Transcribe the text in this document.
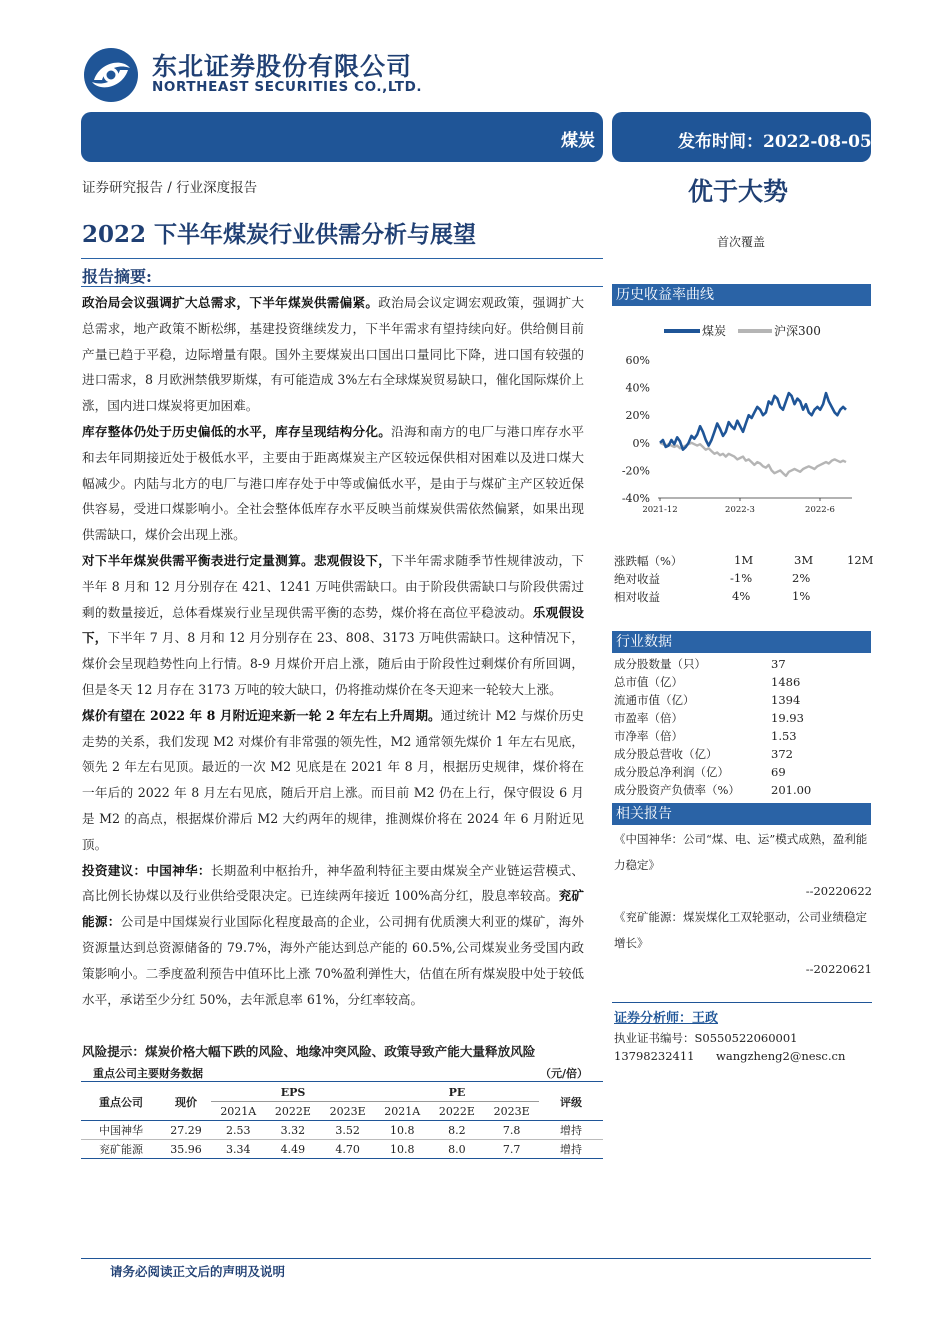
东北证券股份有限公司
NORTHEAST SECURITIES CO.,LTD.
煤炭	发布时间：2022-08-05
证券研究报告 / 行业深度报告
2022 下半年煤炭行业供需分析与展望
优于大势
首次覆盖
报告摘要:
政治局会议强调扩大总需求，下半年煤炭供需偏紧。政治局会议定调宏观政策，强调扩大总需求，地产政策不断松绑，基建投资继续发力，下半年需求有望持续向好。供给侧目前产量已趋于平稳，边际增量有限。国外主要煤炭出口国出口量同比下降，进口国有较强的进口需求，8 月欧洲禁俄罗斯煤，有可能造成 3%左右全球煤炭贸易缺口，催化国际煤价上涨，国内进口煤炭将更加困难。
库存整体仍处于历史偏低的水平，库存呈现结构分化。沿海和南方的电厂与港口库存水平和去年同期接近处于极低水平，主要由于距离煤炭主产区较远保供相对困难以及进口煤大幅减少。内陆与北方的电厂与港口库存处于中等或偏低水平，是由于与煤矿主产区较近保供容易，受进口煤影响小。全社会整体低库存水平反映当前煤炭供需依然偏紧，如果出现供需缺口，煤价会出现上涨。
对下半年煤炭供需平衡表进行定量测算。悲观假设下，下半年需求随季节性规律波动，下半年 8 月和 12 月分别存在 421、1241 万吨供需缺口。由于阶段供需缺口与阶段供需过剩的数量接近，总体看煤炭行业呈现供需平衡的态势，煤价将在高位平稳波动。乐观假设下，下半年 7 月、8 月和 12 月分别存在 23、808、3173 万吨供需缺口。这种情况下，煤价会呈现趋势性向上行情。8-9 月煤价开启上涨，随后由于阶段性过剩煤价有所回调，但是冬天 12 月存在 3173 万吨的较大缺口，仍将推动煤价在冬天迎来一轮较大上涨。
煤价有望在 2022 年 8 月附近迎来新一轮 2 年左右上升周期。通过统计 M2 与煤价历史走势的关系，我们发现 M2 对煤价有非常强的领先性，M2 通常领先煤价 1 年左右见底，领先 2 年左右见顶。最近的一次 M2 见底是在 2021 年 8 月，根据历史规律，煤价将在一年后的 2022 年 8 月左右见底，随后开启上涨。而目前 M2 仍在上行，保守假设 6 月是 M2 的高点，根据煤价滞后 M2 大约两年的规律，推测煤价将在 2024 年 6 月附近见顶。
投资建议：中国神华：长期盈利中枢抬升，神华盈利特征主要由煤炭全产业链运营模式、高比例长协煤以及行业供给受限决定。已连续两年接近 100%高分红，股息率较高。兖矿能源：公司是中国煤炭行业国际化程度最高的企业，公司拥有优质澳大利亚的煤矿，海外资源量达到总资源储备的 79.7%，海外产能达到总产能的 60.5%,公司煤炭业务受国内政策影响小。二季度盈利预告中值环比上涨 70%盈利弹性大，估值在所有煤炭股中处于较低水平，承诺至少分红 50%，去年派息率 61%，分红率较高。
风险提示：煤炭价格大幅下跌的风险、地缘冲突风险、政策导致产能大量释放风险
重点公司主要财务数据	（元/倍）
重点公司	现价	EPS			PE			评级
		2021A	2022E	2023E	2021A	2022E	2023E	
中国神华	27.29	2.53	3.32	3.52	10.8	8.2	7.8	增持
兖矿能源	35.96	3.34	4.49	4.70	10.8	8.0	7.7	增持
历史收益率曲线
煤炭	沪深300
60%
40%
20%
0%
-20%
-40%
2021-12	2022-3	2022-6
涨跌幅（%）	1M	3M	12M
绝对收益	-1%	2%
相对收益	4%	1%
行业数据
成分股数量（只）	37
总市值（亿）	1486
流通市值（亿）	1394
市盈率（倍）	19.93
市净率（倍）	1.53
成分股总营收（亿）	372
成分股总净利润（亿）	69
成分股资产负债率（%）	201.00
相关报告
《中国神华：公司“煤、电、运”模式成熟，盈利能力稳定》
--20220622
《兖矿能源：煤炭煤化工双轮驱动，公司业绩稳定增长》
--20220621
证券分析师：王政
执业证书编号：S0550522060001
13798232411 wangzheng2@nesc.cn
请务必阅读正文后的声明及说明
